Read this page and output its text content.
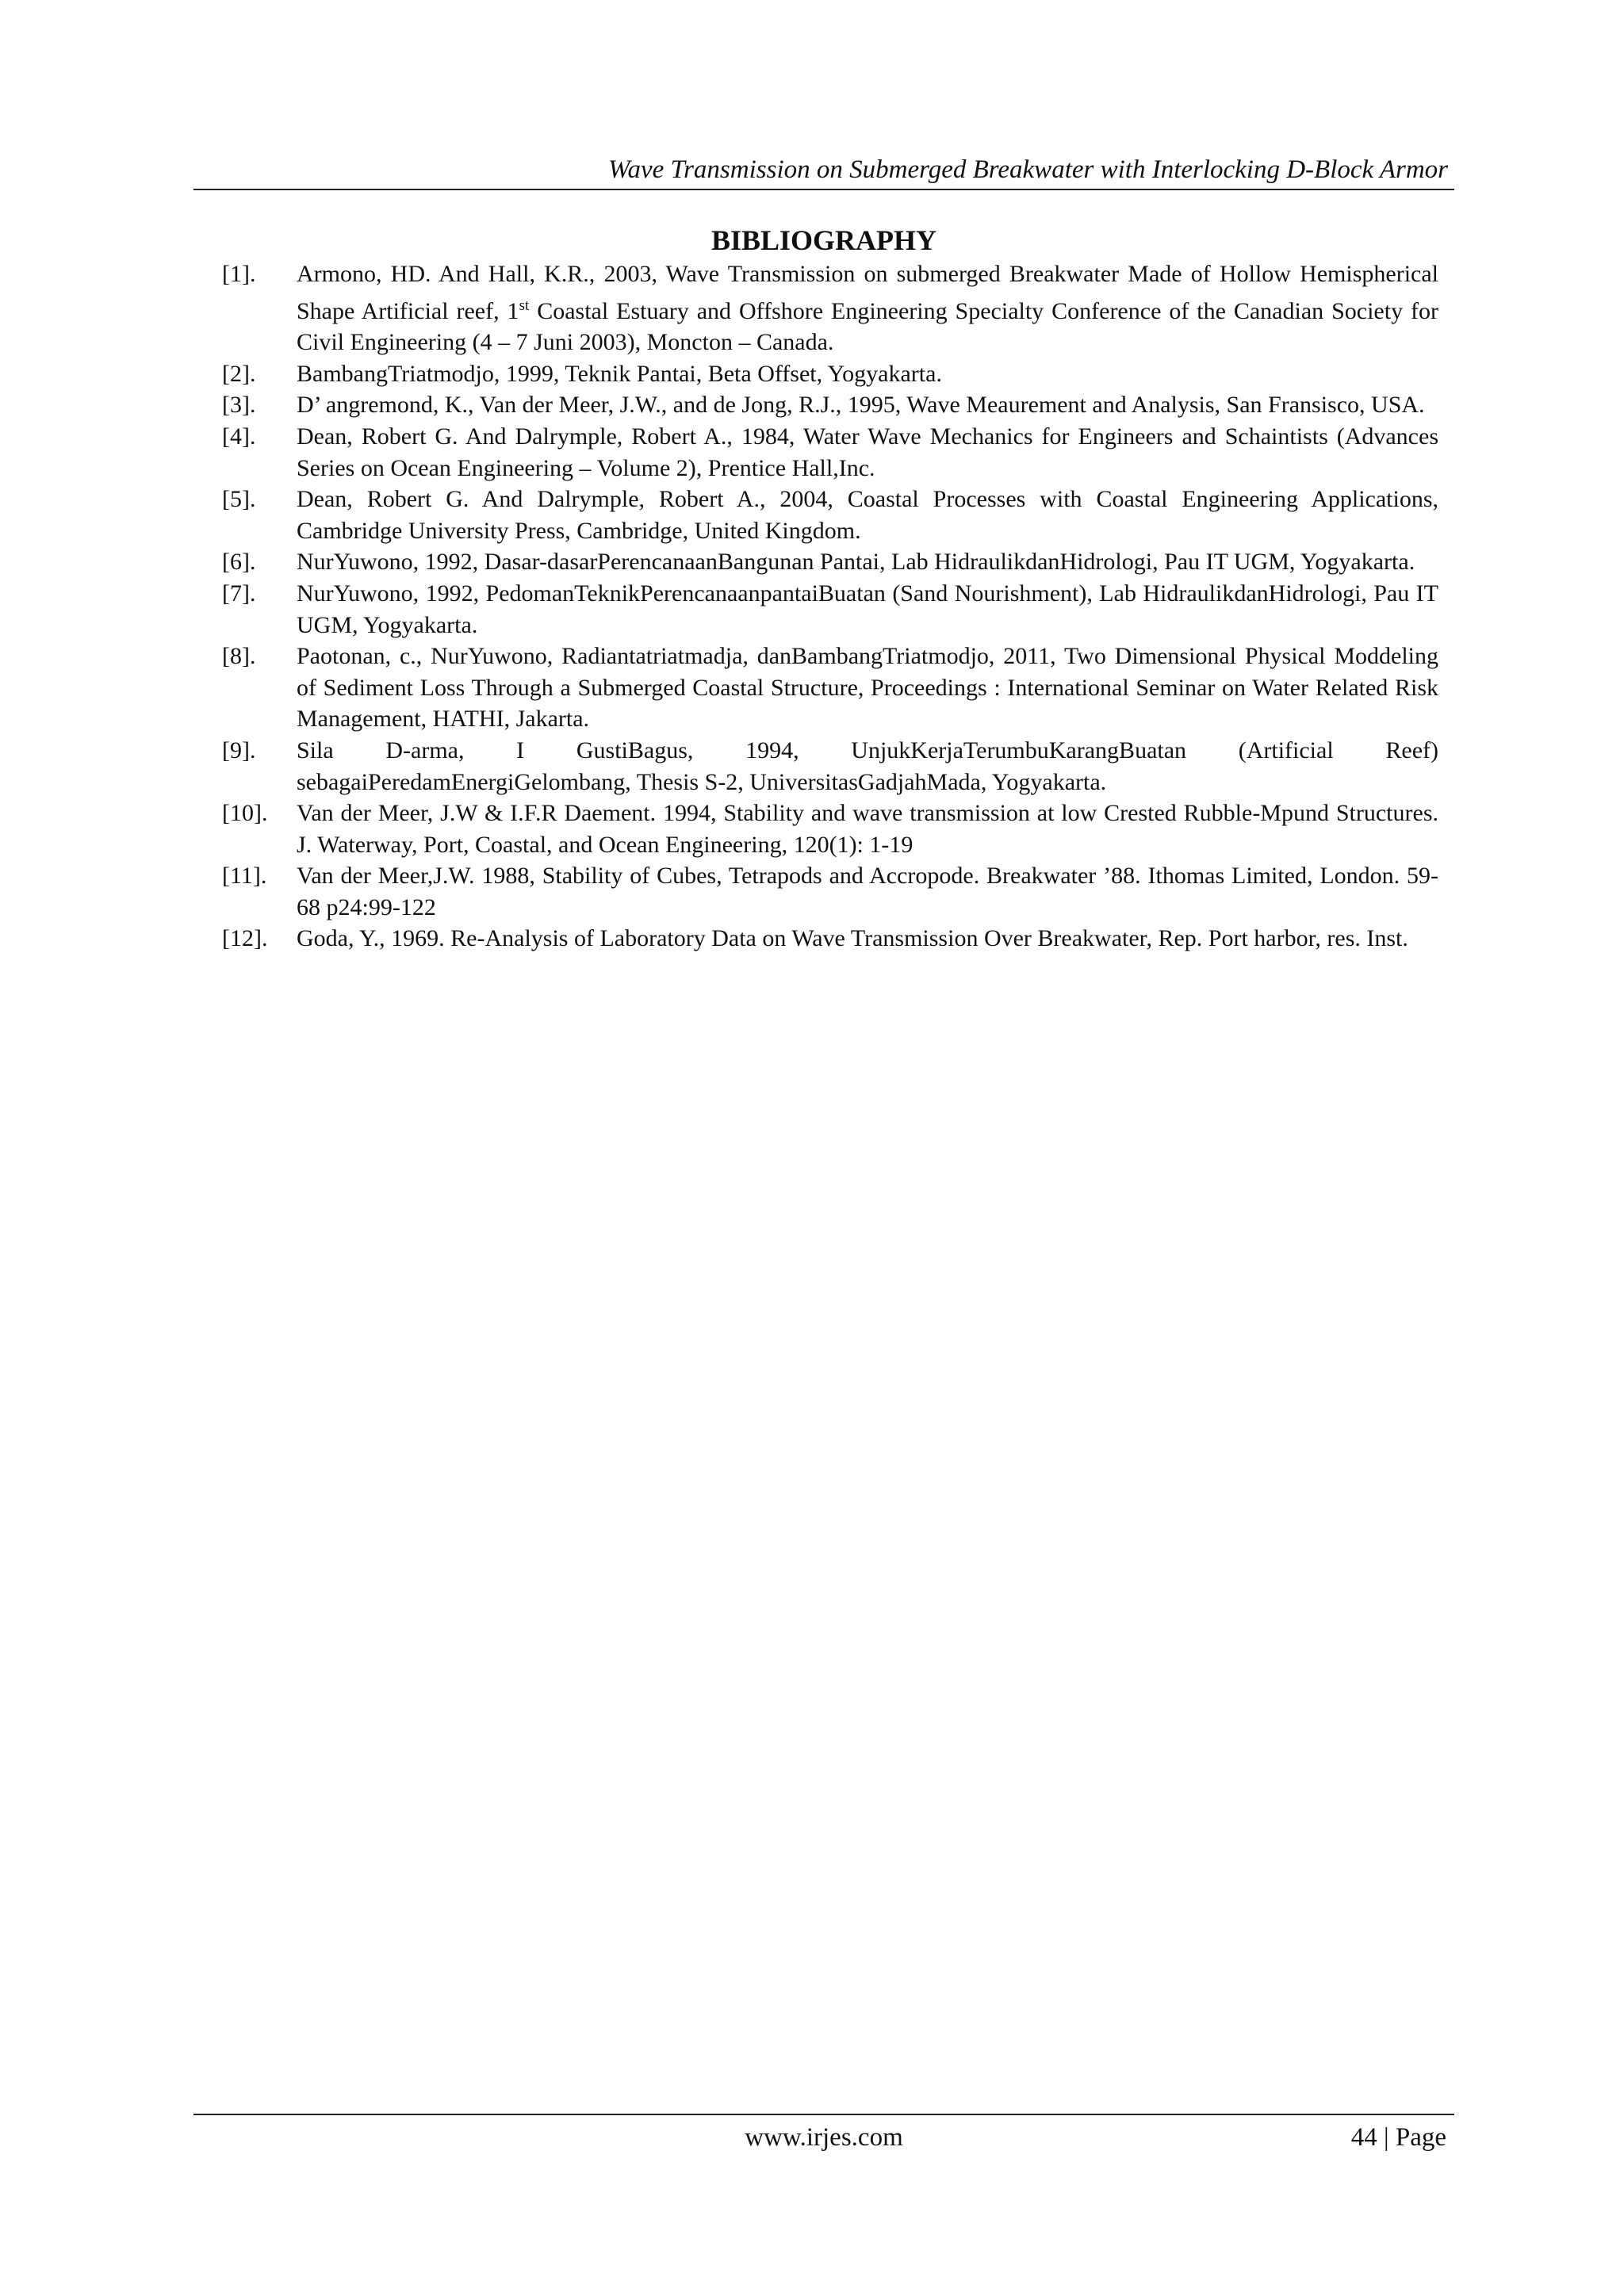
Wave Transmission on Submerged Breakwater with Interlocking D-Block Armor
BIBLIOGRAPHY
[1].	Armono, HD. And Hall, K.R., 2003, Wave Transmission on submerged Breakwater Made of Hollow Hemispherical Shape Artificial reef, 1st Coastal Estuary and Offshore Engineering Specialty Conference of the Canadian Society for Civil Engineering (4 – 7 Juni 2003), Moncton – Canada.
[2].	BambangTriatmodjo, 1999, Teknik Pantai, Beta Offset, Yogyakarta.
[3].	D’ angremond, K., Van der Meer, J.W., and de Jong, R.J., 1995, Wave Meaurement and Analysis, San Fransisco, USA.
[4].	Dean, Robert G. And Dalrymple, Robert A., 1984, Water Wave Mechanics for Engineers and Schaintists (Advances Series on Ocean Engineering – Volume 2), Prentice Hall,Inc.
[5].	Dean, Robert G. And Dalrymple, Robert A., 2004, Coastal Processes with Coastal Engineering Applications, Cambridge University Press, Cambridge, United Kingdom.
[6].	NurYuwono, 1992, Dasar-dasarPerencanaanBangunan Pantai, Lab HidraulikdanHidrologi, Pau IT UGM, Yogyakarta.
[7].	NurYuwono, 1992, PedomanTeknikPerencanaanpantaiBuatan (Sand Nourishment), Lab HidraulikdanHidrologi, Pau IT UGM, Yogyakarta.
[8].	Paotonan, c., NurYuwono, Radiantatriatmadja, danBambangTriatmodjo, 2011, Two Dimensional Physical Moddeling of Sediment Loss Through a Submerged Coastal Structure, Proceedings : International Seminar on Water Related Risk Management, HATHI, Jakarta.
[9].	Sila D-arma, I GustiBagus, 1994, UnjukKerjaTerumbuKarangBuatan (Artificial Reef) sebagaiPeredamEnergiGelombang, Thesis S-2, UniversitasGadjahMada, Yogyakarta.
[10].	Van der Meer, J.W & I.F.R Daement. 1994, Stability and wave transmission at low Crested Rubble-Mpund Structures. J. Waterway, Port, Coastal, and Ocean Engineering, 120(1): 1-19
[11].	Van der Meer,J.W. 1988, Stability of Cubes, Tetrapods and Accropode. Breakwater ’88. Ithomas Limited, London. 59-68 p24:99-122
[12].	Goda, Y., 1969. Re-Analysis of Laboratory Data on Wave Transmission Over Breakwater, Rep. Port harbor, res. Inst.
www.irjes.com	44 | Page
